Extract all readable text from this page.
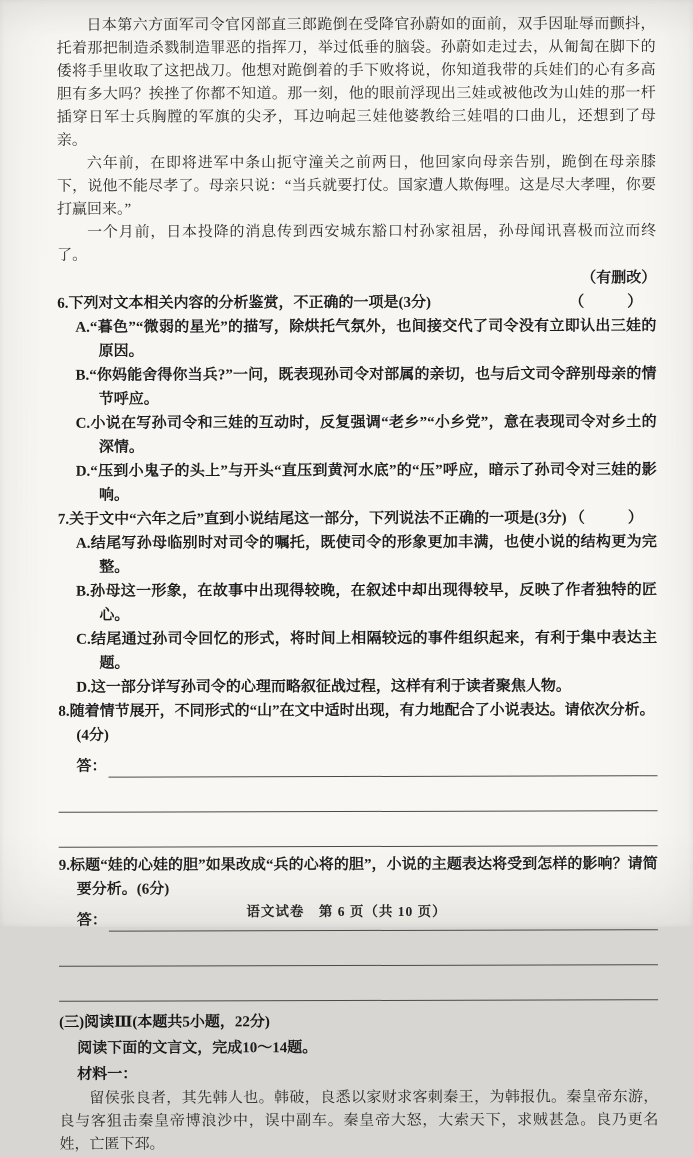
日本第六方面军司令官冈部直三郎跪倒在受降官孙蔚如的面前，双手因耻辱而颤抖，托着那把制造杀戮制造罪恶的指挥刀，举过低垂的脑袋。孙蔚如走过去，从匍匐在脚下的倭将手里收取了这把战刀。他想对跪倒着的手下败将说，你知道我带的兵娃们的心有多高胆有多大吗？挨挫了你都不知道。那一刻，他的眼前浮现出三娃或被他改为山娃的那一杆插穿日军士兵胸膛的军旗的尖矛，耳边响起三娃他婆教给三娃唱的口曲儿，还想到了母亲。

六年前，在即将进军中条山扼守潼关之前两日，他回家向母亲告别，跪倒在母亲膝下，说他不能尽孝了。母亲只说：“当兵就要打仗。国家遭人欺侮哩。这是尽大孝哩，你要打赢回来。”

一个月前，日本投降的消息传到西安城东豁口村孙家祖居，孙母闻讯喜极而泣而终了。

（有删改）
（　）
6.下列对文本相关内容的分析鉴赏，不正确的一项是(3分)
A.“暮色”“微弱的星光”的描写，除烘托气氛外，也间接交代了司令没有立即认出三娃的原因。
B.“你妈能舍得你当兵?”一问，既表现孙司令对部属的亲切，也与后文司令辞别母亲的情节呼应。
C.小说在写孙司令和三娃的互动时，反复强调“老乡”“小乡党”，意在表现司令对乡土的深情。
D.“压到小鬼子的头上”与开头“直压到黄河水底”的“压”呼应，暗示了孙司令对三娃的影响。
（　）
7.关于文中“六年之后”直到小说结尾这一部分，下列说法不正确的一项是(3分)
A.结尾写孙母临别时对司令的嘱托，既使司令的形象更加丰满，也使小说的结构更为完整。
B.孙母这一形象，在故事中出现得较晚，在叙述中却出现得较早，反映了作者独特的匠心。
C.结尾通过孙司令回忆的形式，将时间上相隔较远的事件组织起来，有利于集中表达主题。
D.这一部分详写孙司令的心理而略叙征战过程，这样有利于读者聚焦人物。
8.随着情节展开，不同形式的“山”在文中适时出现，有力地配合了小说表达。请依次分析。
(4分)
答：
9.标题“娃的心娃的胆”如果改成“兵的心将的胆”，小说的主题表达将受到怎样的影响？请简要分析。(6分)
答：
(三)阅读Ⅲ(本题共5小题，22分)
阅读下面的文言文，完成10～14题。
材料一：

留侯张良者，其先韩人也。韩破，良悉以家财求客刺秦王，为韩报仇。秦皇帝东游，良与客狙击秦皇帝博浪沙中，误中副车。秦皇帝大怒，大索天下，求贼甚急。良乃更名姓，亡匿下邳。

语文试卷　第 6 页（共 10 页）
